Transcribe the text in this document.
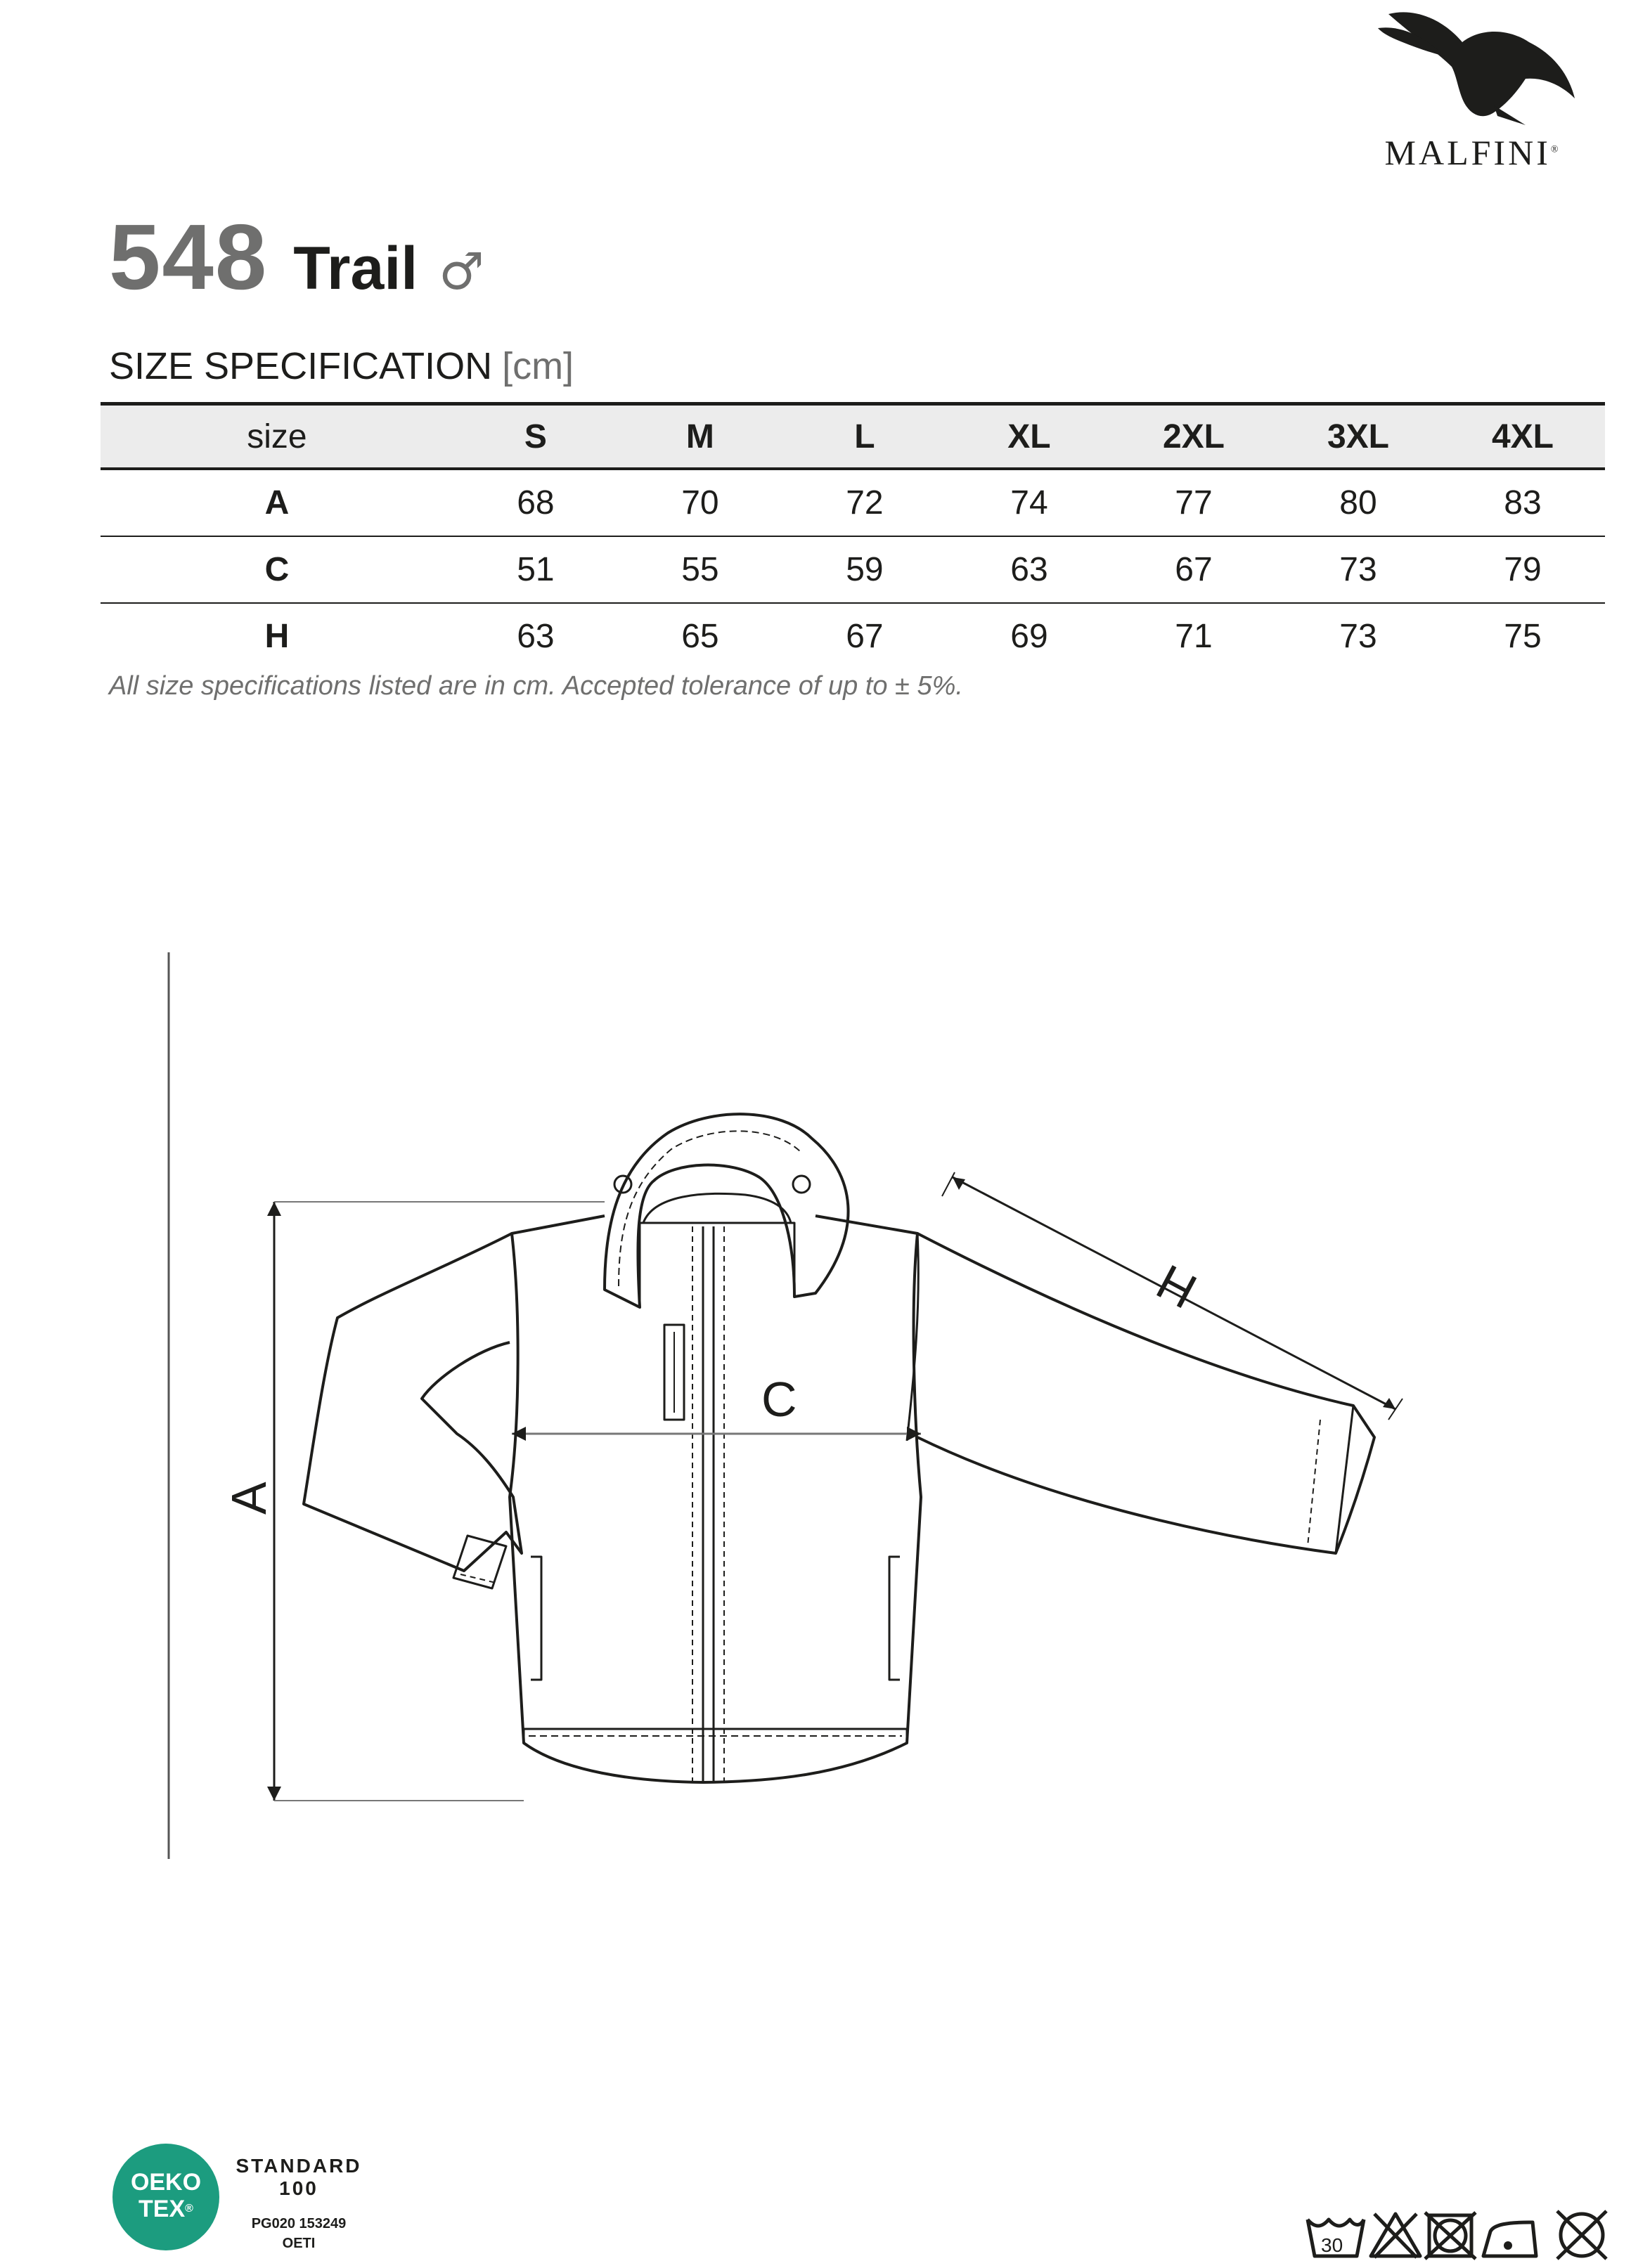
MALFINI®
548 Trail ♂
SIZE SPECIFICATION [cm]
size	S	M	L	XL	2XL	3XL	4XL
A	68	70	72	74	77	80	83
C	51	55	59	63	67	73	79
H	63	65	67	69	71	73	75
All size specifications listed are in cm. Accepted tolerance of up to ± 5%.
A
C
H
OEKO
TEX®
STANDARD
100
PG020 153249
OETI	30
